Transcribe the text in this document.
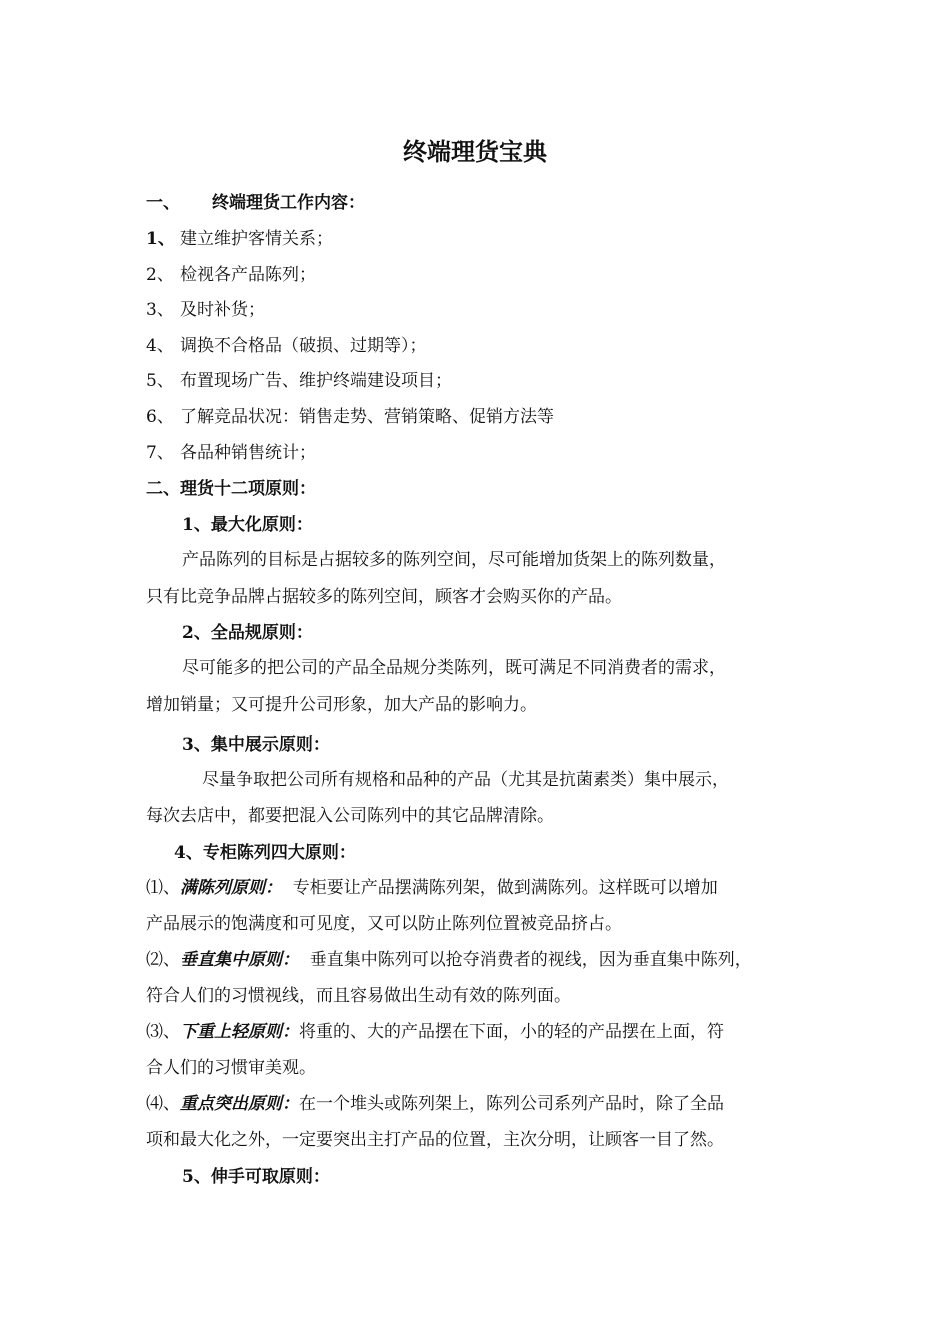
终端理货宝典
一、 终端理货工作内容：
1、 建立维护客情关系；
2、 检视各产品陈列；
3、 及时补货；
4、 调换不合格品（破损、过期等）；
5、 布置现场广告、维护终端建设项目；
6、 了解竞品状况：销售走势、营销策略、促销方法等
7、 各品种销售统计；
二、理货十二项原则：
1、最大化原则：
产品陈列的目标是占据较多的陈列空间，尽可能增加货架上的陈列数量，
只有比竞争品牌占据较多的陈列空间，顾客才会购买你的产品。
2、全品规原则：
尽可能多的把公司的产品全品规分类陈列，既可满足不同消费者的需求，
增加销量；又可提升公司形象，加大产品的影响力。
3、集中展示原则：
尽量争取把公司所有规格和品种的产品（尤其是抗菌素类）集中展示，
每次去店中，都要把混入公司陈列中的其它品牌清除。
4、专柜陈列四大原则：
⑴、满陈列原则：  专柜要让产品摆满陈列架，做到满陈列。这样既可以增加
产品展示的饱满度和可见度，又可以防止陈列位置被竞品挤占。
⑵、垂直集中原则：  垂直集中陈列可以抢夺消费者的视线，因为垂直集中陈列，
符合人们的习惯视线，而且容易做出生动有效的陈列面。
⑶、下重上轻原则：将重的、大的产品摆在下面，小的轻的产品摆在上面，符
合人们的习惯审美观。
⑷、重点突出原则：在一个堆头或陈列架上，陈列公司系列产品时，除了全品
项和最大化之外，一定要突出主打产品的位置，主次分明，让顾客一目了然。
5、伸手可取原则：
